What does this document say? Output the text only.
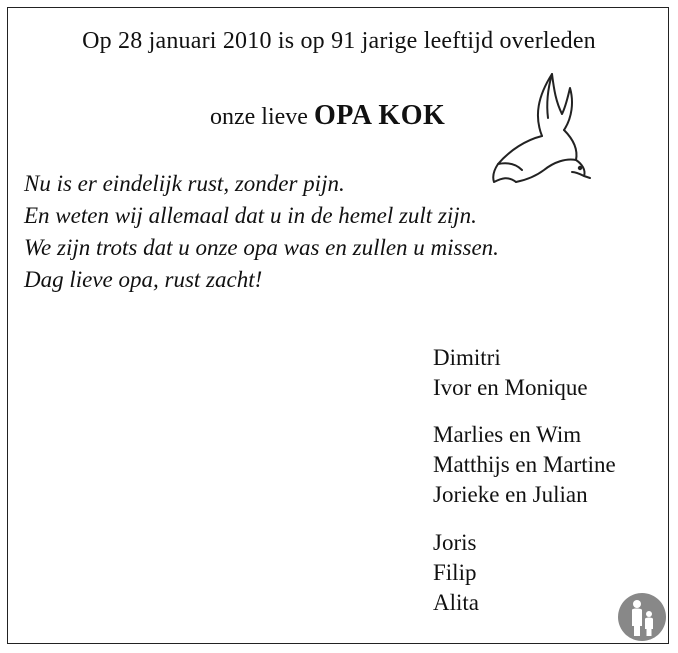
Op 28 januari 2010 is op 91 jarige leeftijd overleden
onze lieve OPA KOK
Nu is er eindelijk rust, zonder pijn.
En weten wij allemaal dat u in de hemel zult zijn.
We zijn trots dat u onze opa was en zullen u missen.
Dag lieve opa, rust zacht!
Dimitri
Ivor en Monique
Marlies en Wim
Matthijs en Martine
Jorieke en Julian
Joris
Filip
Alita
